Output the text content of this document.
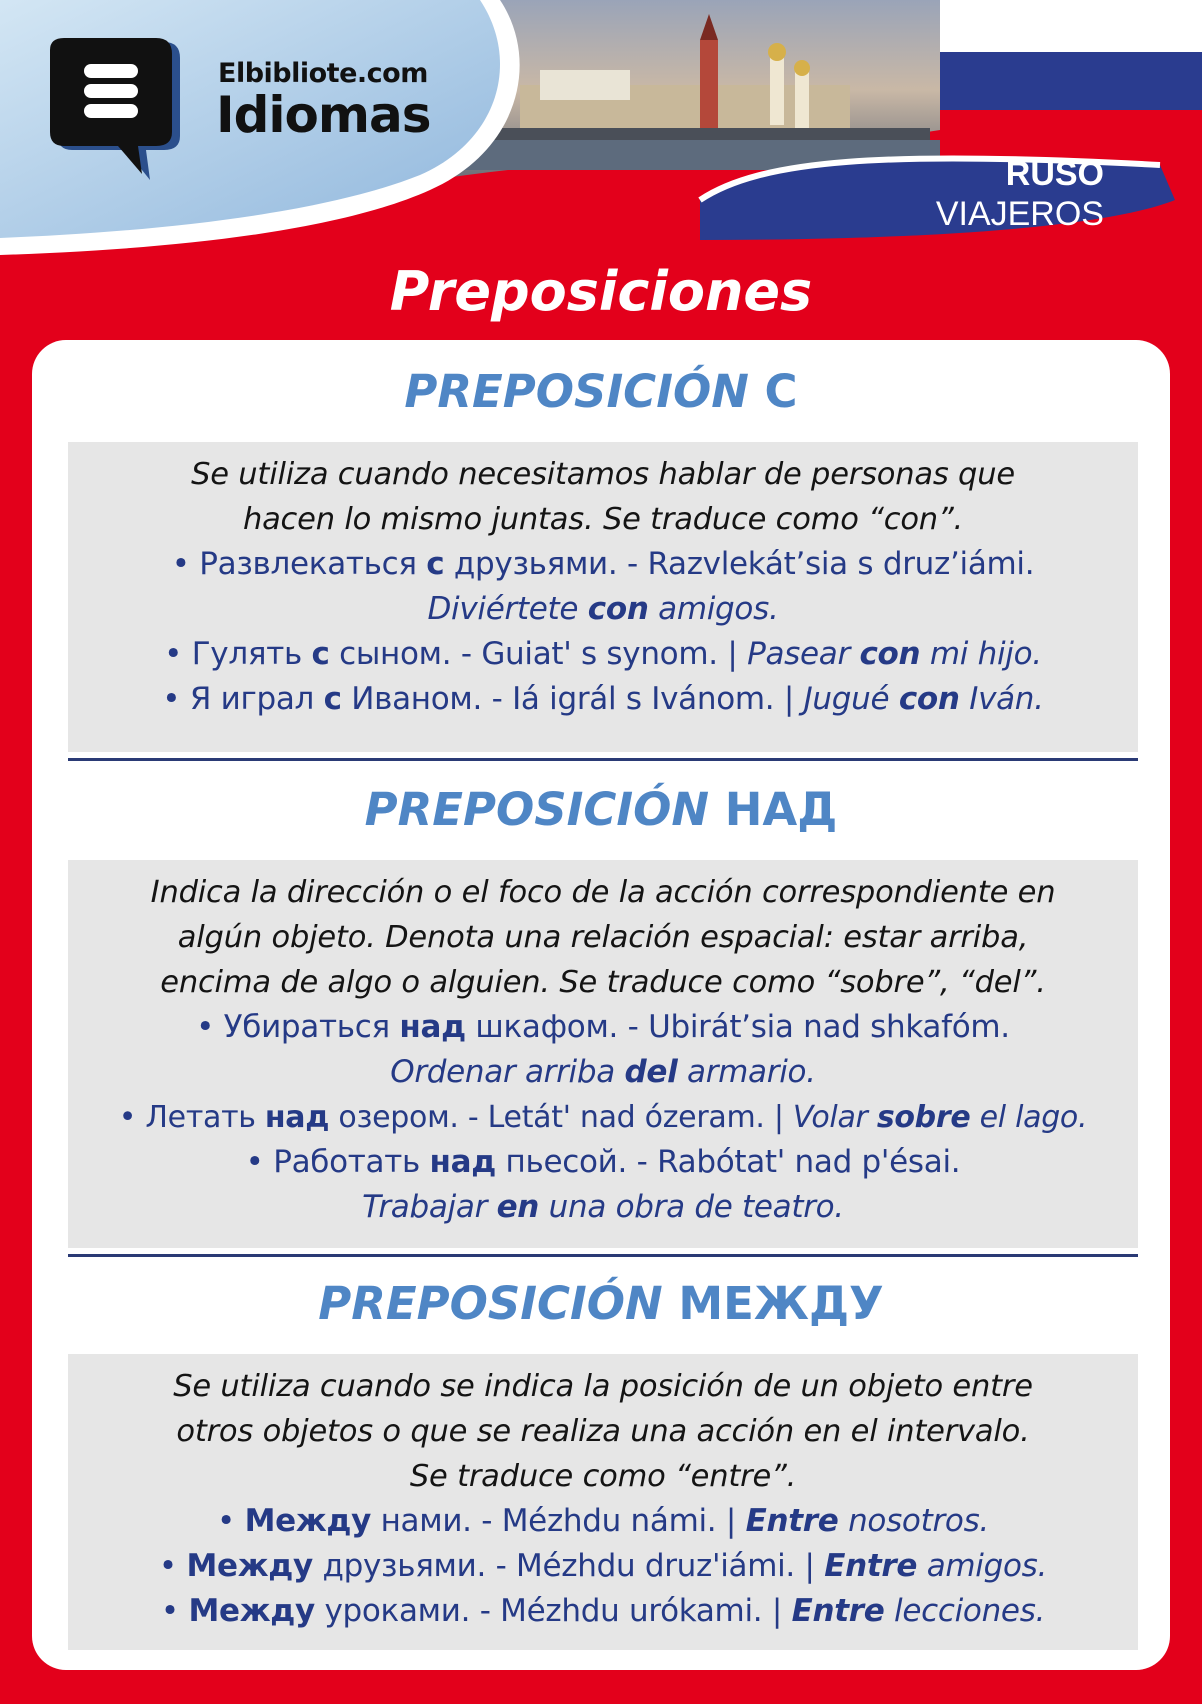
Elbibliote.com
Idiomas
RUSO
VIAJEROS
Preposiciones
PREPOSICIÓN С
Se utiliza cuando necesitamos hablar de personas que
hacen lo mismo juntas. Se traduce como “con”.
• Развлекаться с друзьями. - Razvlekát’sia s druz’iámi.
Diviértete con amigos.
• Гулять с сыном. - Guiat' s synom. | Pasear con mi hijo.
• Я играл с Иваном. - Iá igrál s Ivánom. | Jugué con Iván.
PREPOSICIÓN НАД
Indica la dirección o el foco de la acción correspondiente en
algún objeto. Denota una relación espacial: estar arriba,
encima de algo o alguien. Se traduce como “sobre”, “del”.
• Убираться над шкафом. - Ubirát’sia nad shkafóm.
Ordenar arriba del armario.
• Летать над озером. - Letát' nad ózeram. | Volar sobre el lago.
• Работать над пьесой. - Rabótat' nad p'ésai.
Trabajar en una obra de teatro.
PREPOSICIÓN МЕЖДУ
Se utiliza cuando se indica la posición de un objeto entre
otros objetos o que se realiza una acción en el intervalo.
Se traduce como “entre”.
• Между нами. - Mézhdu námi. | Entre nosotros.
• Между друзьями. - Mézhdu druz'iámi. | Entre amigos.
• Между уроками. - Mézhdu urókami. | Entre lecciones.
